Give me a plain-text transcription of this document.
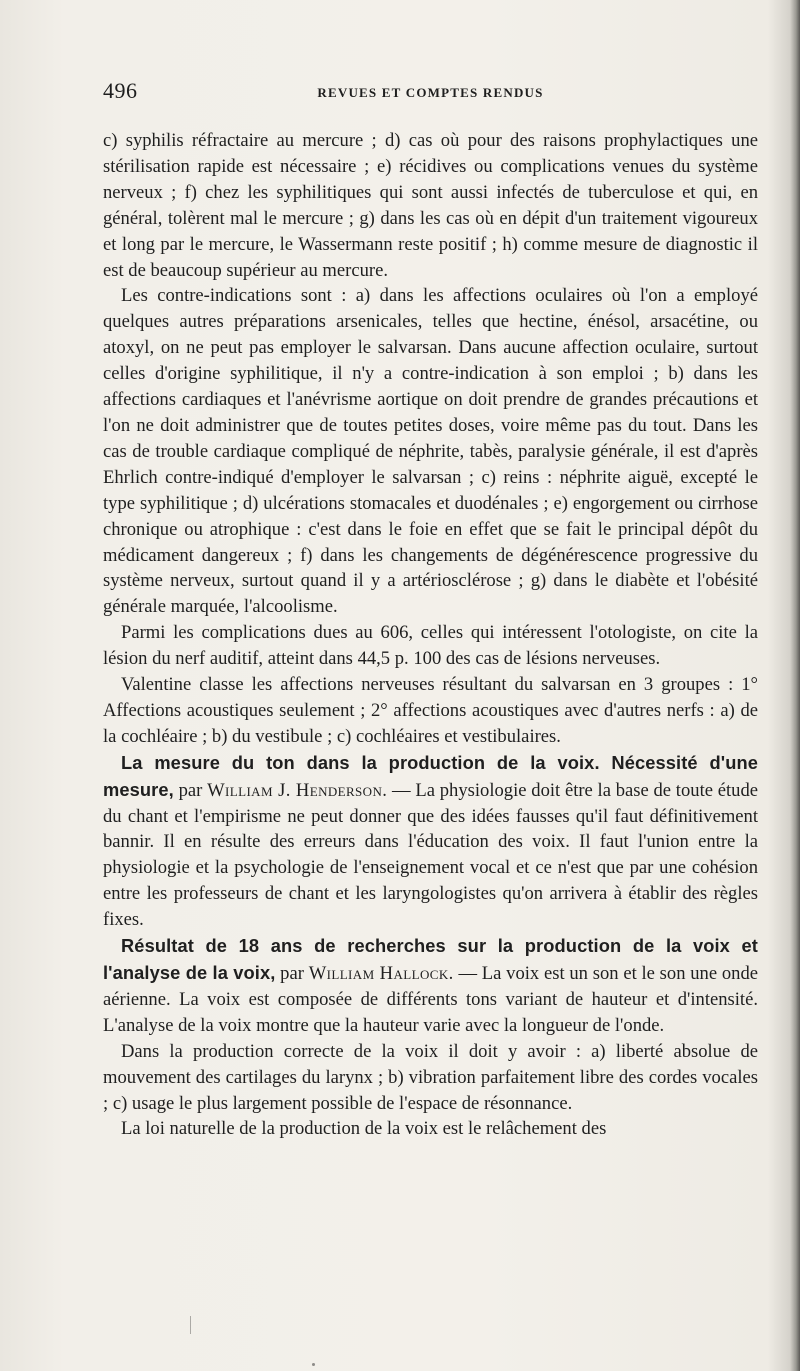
496	REVUES ET COMPTES RENDUS

c) syphilis réfractaire au mercure ; d) cas où pour des raisons prophylactiques une stérilisation rapide est nécessaire ; e) récidives ou complications venues du système nerveux ; f) chez les syphilitiques qui sont aussi infectés de tuberculose et qui, en général, tolèrent mal le mercure ; g) dans les cas où en dépit d'un traitement vigoureux et long par le mercure, le Wassermann reste positif ; h) comme mesure de diagnostic il est de beaucoup supérieur au mercure.

Les contre-indications sont : a) dans les affections oculaires où l'on a employé quelques autres préparations arsenicales, telles que hectine, énésol, arsacétine, ou atoxyl, on ne peut pas employer le salvarsan. Dans aucune affection oculaire, surtout celles d'origine syphilitique, il n'y a contre-indication à son emploi ; b) dans les affections cardiaques et l'anévrisme aortique on doit prendre de grandes précautions et l'on ne doit administrer que de toutes petites doses, voire même pas du tout. Dans les cas de trouble cardiaque compliqué de néphrite, tabès, paralysie générale, il est d'après Ehrlich contre-indiqué d'employer le salvarsan ; c) reins : néphrite aiguë, excepté le type syphilitique ; d) ulcérations stomacales et duodénales ; e) engorgement ou cirrhose chronique ou atrophique : c'est dans le foie en effet que se fait le principal dépôt du médicament dangereux ; f) dans les changements de dégénérescence progressive du système nerveux, surtout quand il y a artériosclérose ; g) dans le diabète et l'obésité générale marquée, l'alcoolisme.

Parmi les complications dues au 606, celles qui intéressent l'otologiste, on cite la lésion du nerf auditif, atteint dans 44,5 p. 100 des cas de lésions nerveuses.

Valentine classe les affections nerveuses résultant du salvarsan en 3 groupes : 1° Affections acoustiques seulement ; 2° affections acoustiques avec d'autres nerfs : a) de la cochléaire ; b) du vestibule ; c) cochléaires et vestibulaires.

La mesure du ton dans la production de la voix. Nécessité d'une mesure, par William J. Henderson. — La physiologie doit être la base de toute étude du chant et l'empirisme ne peut donner que des idées fausses qu'il faut définitivement bannir. Il en résulte des erreurs dans l'éducation des voix. Il faut l'union entre la physiologie et la psychologie de l'enseignement vocal et ce n'est que par une cohésion entre les professeurs de chant et les laryngologistes qu'on arrivera à établir des règles fixes.

Résultat de 18 ans de recherches sur la production de la voix et l'analyse de la voix, par William Hallock. — La voix est un son et le son une onde aérienne. La voix est composée de différents tons variant de hauteur et d'intensité. L'analyse de la voix montre que la hauteur varie avec la longueur de l'onde.

Dans la production correcte de la voix il doit y avoir : a) liberté absolue de mouvement des cartilages du larynx ; b) vibration parfaitement libre des cordes vocales ; c) usage le plus largement possible de l'espace de résonnance.

La loi naturelle de la production de la voix est le relâchement des
